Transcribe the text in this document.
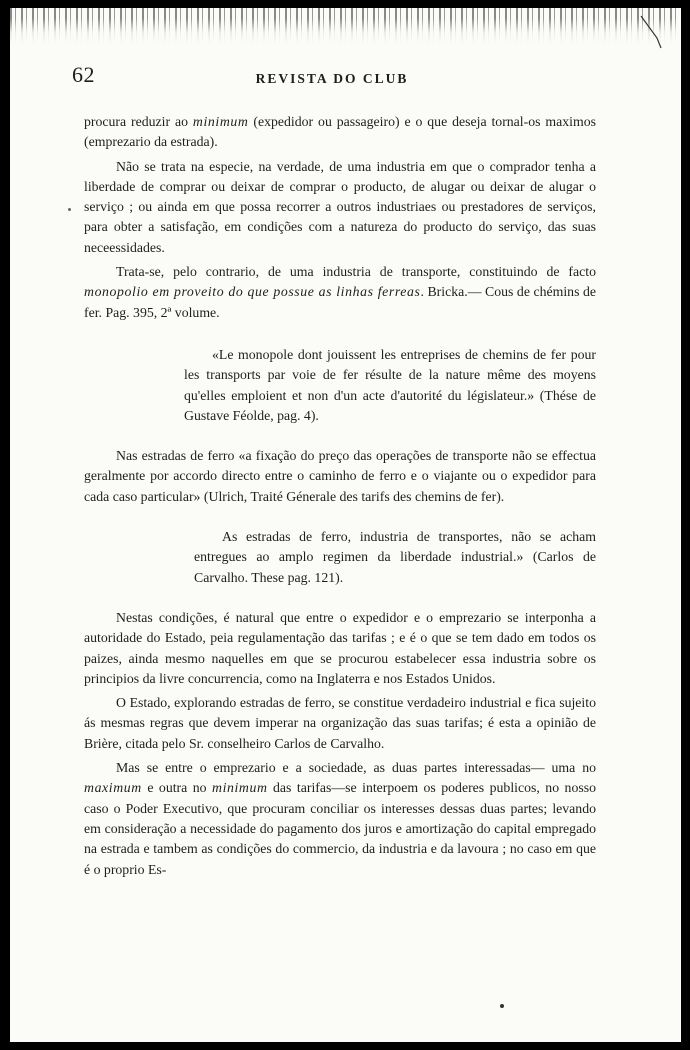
62	REVISTA DO CLUB

procura reduzir ao minimum (expedidor ou passageiro) e o que deseja tornal-os maximos (emprezario da estrada).

Não se trata na especie, na verdade, de uma industria em que o comprador tenha a liberdade de comprar ou deixar de comprar o producto, de alugar ou deixar de alugar o serviço ; ou ainda em que possa recorrer a outros industriaes ou prestadores de serviços, para obter a satisfação, em condições com a natureza do producto do serviço, das suas neceessidades.

Trata-se, pelo contrario, de uma industria de transporte, constituindo de facto monopolio em proveito do que possue as linhas ferreas. Bricka.— Cous de chémins de fer. Pag. 395, 2ª volume.

«Le monopole dont jouissent les entreprises de chemins de fer pour les transports par voie de fer résulte de la nature même des moyens qu'elles emploient et non d'un acte d'autorité du législateur.» (Thése de Gustave Féolde, pag. 4).

Nas estradas de ferro «a fixação do preço das operações de transporte não se effectua geralmente por accordo directo entre o caminho de ferro e o viajante ou o expedidor para cada caso particular» (Ulrich, Traité Génerale des tarifs des chemins de fer).

As estradas de ferro, industria de transportes, não se acham entregues ao amplo regimen da liberdade industrial.» (Carlos de Carvalho. These pag. 121).

Nestas condições, é natural que entre o expedidor e o emprezario se interponha a autoridade do Estado, peia regulamentação das tarifas ; e é o que se tem dado em todos os paizes, ainda mesmo naquelles em que se procurou estabelecer essa industria sobre os principios da livre concurrencia, como na Inglaterra e nos Estados Unidos.

O Estado, explorando estradas de ferro, se constitue verdadeiro industrial e fica sujeito ás mesmas regras que devem imperar na organização das suas tarifas; é esta a opinião de Brière, citada pelo Sr. conselheiro Carlos de Carvalho.

Mas se entre o emprezario e a sociedade, as duas partes interessadas— uma no maximum e outra no minimum das tarifas—se interpoem os poderes publicos, no nosso caso o Poder Executivo, que procuram conciliar os interesses dessas duas partes; levando em consideração a necessidade do pagamento dos juros e amortização do capital empregado na estrada e tambem as condições do commercio, da industria e da lavoura ; no caso em que é o proprio Es-
